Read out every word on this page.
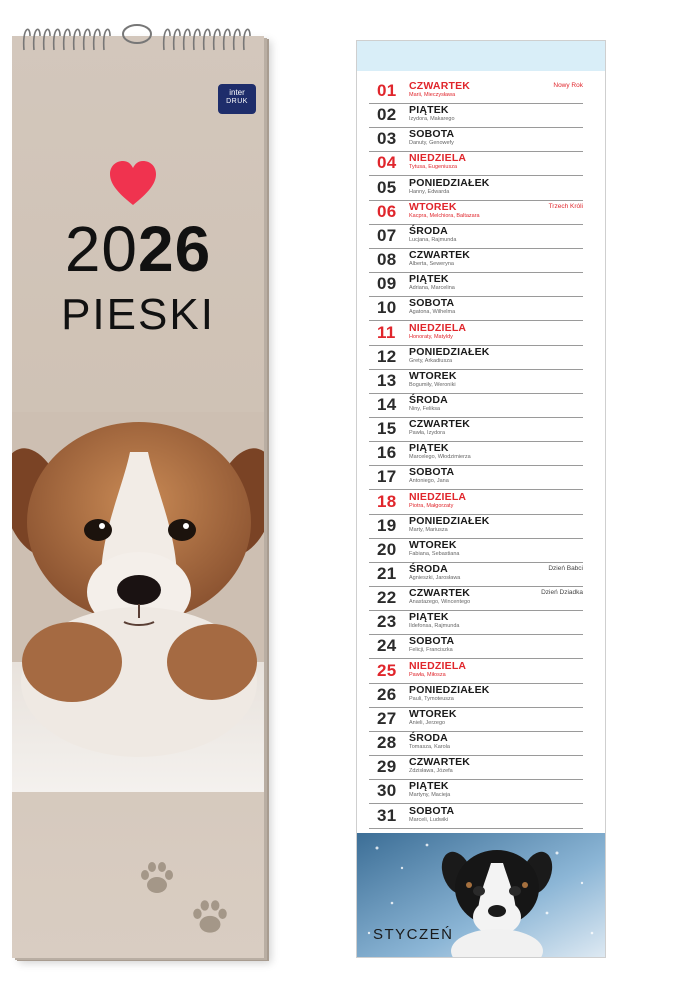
inter
DRUK
2026
PIESKI
01 CZWARTEK
Marii, Mieczysława
Nowy Rok
02 PIĄTEK
Izydora, Makarego
03 SOBOTA
Danuty, Genowefy
04 NIEDZIELA
Tytusa, Eugeniusza
05 PONIEDZIAŁEK
Hanny, Edwarda
06 WTOREK
Kacpra, Melchiora, Baltazara
Trzech Króli
07 ŚRODA
Lucjana, Rajmunda
08 CZWARTEK
Alberta, Seweryna
09 PIĄTEK
Adriana, Marcelina
10 SOBOTA
Agatona, Wilhelma
11 NIEDZIELA
Honoraty, Matyldy
12 PONIEDZIAŁEK
Grety, Arkadiusza
13 WTOREK
Bogumiły, Weroniki
14 ŚRODA
Niny, Feliksa
15 CZWARTEK
Pawła, Izydora
16 PIĄTEK
Marcelego, Włodzimierza
17 SOBOTA
Antoniego, Jana
18 NIEDZIELA
Piotra, Małgorzaty
19 PONIEDZIAŁEK
Marty, Mariusza
20 WTOREK
Fabiana, Sebastiana
21 ŚRODA
Agnieszki, Jarosława
Dzień Babci
22 CZWARTEK
Anastazego, Wincentego
Dzień Dziadka
23 PIĄTEK
Ildefonsa, Rajmunda
24 SOBOTA
Felicji, Franciszka
25 NIEDZIELA
Pawła, Miłosza
26 PONIEDZIAŁEK
Pauli, Tymoteusza
27 WTOREK
Anieli, Jerzego
28 ŚRODA
Tomasza, Karola
29 CZWARTEK
Zdzisława, Józefa
30 PIĄTEK
Martyny, Macieja
31 SOBOTA
Marceli, Ludwiki
STYCZEŃ
